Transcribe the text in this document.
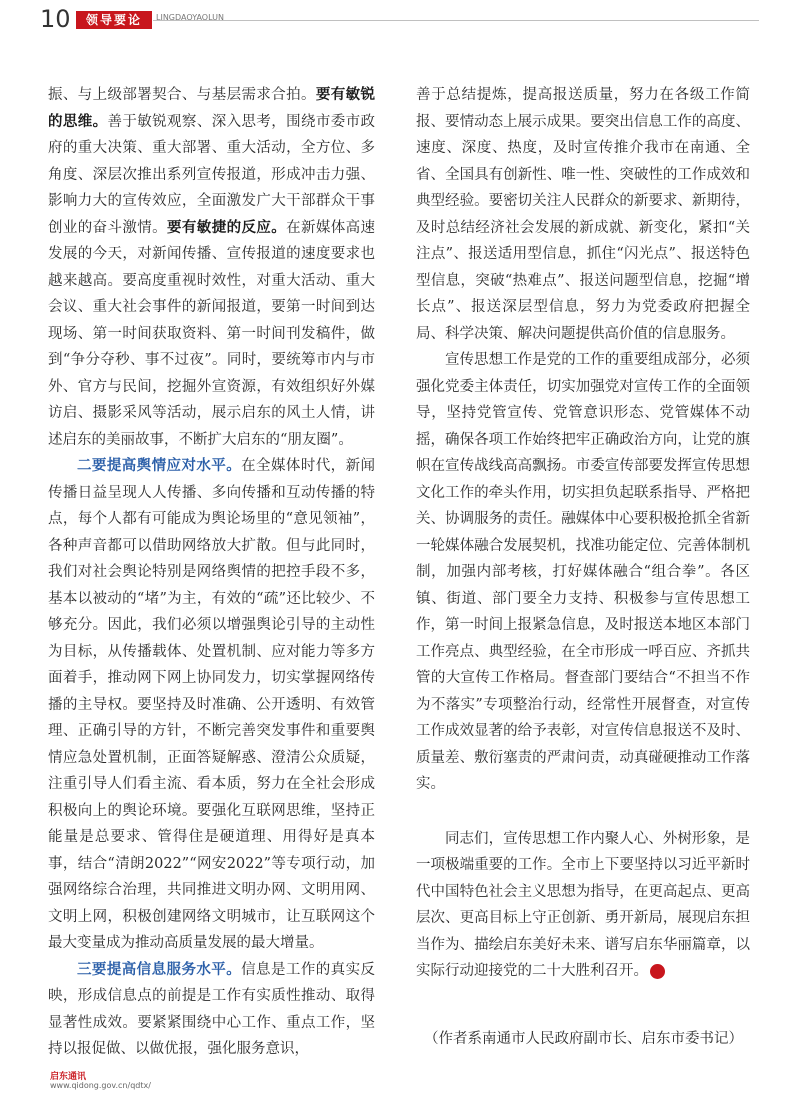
10	领导要论	LINGDAOYAOLUN

振、与上级部署契合、与基层需求合拍。要有敏锐的思维。善于敏锐观察、深入思考，围绕市委市政府的重大决策、重大部署、重大活动，全方位、多角度、深层次推出系列宣传报道，形成冲击力强、影响力大的宣传效应，全面激发广大干部群众干事创业的奋斗激情。要有敏捷的反应。在新媒体高速发展的今天，对新闻传播、宣传报道的速度要求也越来越高。要高度重视时效性，对重大活动、重大会议、重大社会事件的新闻报道，要第一时间到达现场、第一时间获取资料、第一时间刊发稿件，做到“争分夺秒、事不过夜”。同时，要统筹市内与市外、官方与民间，挖掘外宣资源，有效组织好外媒访启、摄影采风等活动，展示启东的风土人情，讲述启东的美丽故事，不断扩大启东的“朋友圈”。

二要提高舆情应对水平。在全媒体时代，新闻传播日益呈现人人传播、多向传播和互动传播的特点，每个人都有可能成为舆论场里的“意见领袖”，各种声音都可以借助网络放大扩散。但与此同时，我们对社会舆论特别是网络舆情的把控手段不多，基本以被动的“堵”为主，有效的“疏”还比较少、不够充分。因此，我们必须以增强舆论引导的主动性为目标，从传播载体、处置机制、应对能力等多方面着手，推动网下网上协同发力，切实掌握网络传播的主导权。要坚持及时准确、公开透明、有效管理、正确引导的方针，不断完善突发事件和重要舆情应急处置机制，正面答疑解惑、澄清公众质疑，注重引导人们看主流、看本质，努力在全社会形成积极向上的舆论环境。要强化互联网思维，坚持正能量是总要求、管得住是硬道理、用得好是真本事，结合“清朗2022”“网安2022”等专项行动，加强网络综合治理，共同推进文明办网、文明用网、文明上网，积极创建网络文明城市，让互联网这个最大变量成为推动高质量发展的最大增量。

三要提高信息服务水平。信息是工作的真实反映，形成信息点的前提是工作有实质性推动、取得显著性成效。要紧紧围绕中心工作、重点工作，坚持以报促做、以做优报，强化服务意识，

善于总结提炼，提高报送质量，努力在各级工作简报、要情动态上展示成果。要突出信息工作的高度、速度、深度、热度，及时宣传推介我市在南通、全省、全国具有创新性、唯一性、突破性的工作成效和典型经验。要密切关注人民群众的新要求、新期待，及时总结经济社会发展的新成就、新变化，紧扣“关注点”、报送适用型信息，抓住“闪光点”、报送特色型信息，突破“热难点”、报送问题型信息，挖掘“增长点”、报送深层型信息，努力为党委政府把握全局、科学决策、解决问题提供高价值的信息服务。

宣传思想工作是党的工作的重要组成部分，必须强化党委主体责任，切实加强党对宣传工作的全面领导，坚持党管宣传、党管意识形态、党管媒体不动摇，确保各项工作始终把牢正确政治方向，让党的旗帜在宣传战线高高飘扬。市委宣传部要发挥宣传思想文化工作的牵头作用，切实担负起联系指导、严格把关、协调服务的责任。融媒体中心要积极抢抓全省新一轮媒体融合发展契机，找准功能定位、完善体制机制，加强内部考核，打好媒体融合“组合拳”。各区镇、街道、部门要全力支持、积极参与宣传思想工作，第一时间上报紧急信息，及时报送本地区本部门工作亮点、典型经验，在全市形成一呼百应、齐抓共管的大宣传工作格局。督查部门要结合“不担当不作为不落实”专项整治行动，经常性开展督查，对宣传工作成效显著的给予表彰，对宣传信息报送不及时、质量差、敷衍塞责的严肃问责，动真碰硬推动工作落实。

同志们，宣传思想工作内聚人心、外树形象，是一项极端重要的工作。全市上下要坚持以习近平新时代中国特色社会主义思想为指导，在更高起点、更高层次、更高目标上守正创新、勇开新局，展现启东担当作为、描绘启东美好未来、谱写启东华丽篇章，以实际行动迎接党的二十大胜利召开。	启

（作者系南通市人民政府副市长、启东市委书记）
启东通讯
www.qidong.gov.cn/qdtx/
